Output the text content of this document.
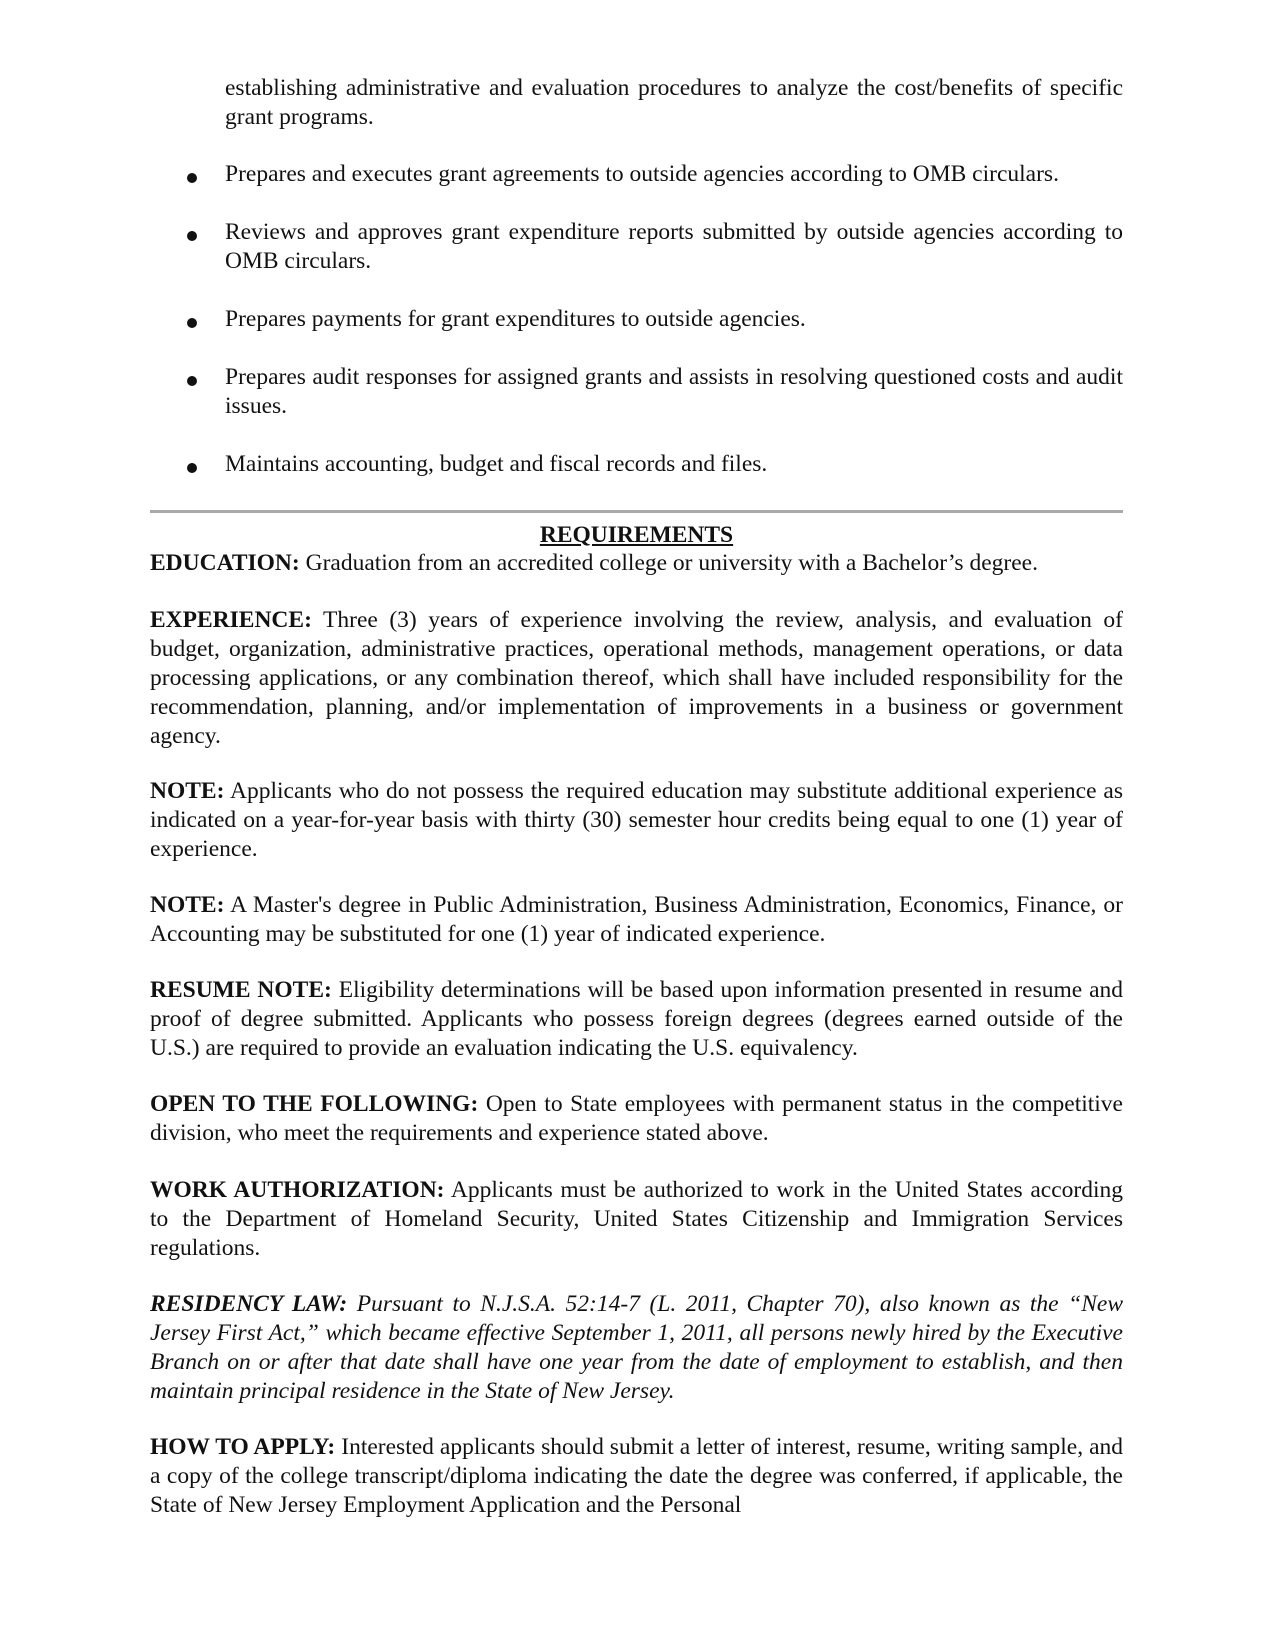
establishing administrative and evaluation procedures to analyze the cost/benefits of specific grant programs.
Prepares and executes grant agreements to outside agencies according to OMB circulars.
Reviews and approves grant expenditure reports submitted by outside agencies according to OMB circulars.
Prepares payments for grant expenditures to outside agencies.
Prepares audit responses for assigned grants and assists in resolving questioned costs and audit issues.
Maintains accounting, budget and fiscal records and files.
REQUIREMENTS
EDUCATION: Graduation from an accredited college or university with a Bachelor’s degree.
EXPERIENCE: Three (3) years of experience involving the review, analysis, and evaluation of budget, organization, administrative practices, operational methods, management operations, or data processing applications, or any combination thereof, which shall have included responsibility for the recommendation, planning, and/or implementation of improvements in a business or government agency.
NOTE: Applicants who do not possess the required education may substitute additional experience as indicated on a year-for-year basis with thirty (30) semester hour credits being equal to one (1) year of experience.
NOTE: A Master's degree in Public Administration, Business Administration, Economics, Finance, or Accounting may be substituted for one (1) year of indicated experience.
RESUME NOTE: Eligibility determinations will be based upon information presented in resume and proof of degree submitted. Applicants who possess foreign degrees (degrees earned outside of the U.S.) are required to provide an evaluation indicating the U.S. equivalency.
OPEN TO THE FOLLOWING: Open to State employees with permanent status in the competitive division, who meet the requirements and experience stated above.
WORK AUTHORIZATION: Applicants must be authorized to work in the United States according to the Department of Homeland Security, United States Citizenship and Immigration Services regulations.
RESIDENCY LAW: Pursuant to N.J.S.A. 52:14-7 (L. 2011, Chapter 70), also known as the “New Jersey First Act,” which became effective September 1, 2011, all persons newly hired by the Executive Branch on or after that date shall have one year from the date of employment to establish, and then maintain principal residence in the State of New Jersey.
HOW TO APPLY: Interested applicants should submit a letter of interest, resume, writing sample, and a copy of the college transcript/diploma indicating the date the degree was conferred, if applicable, the State of New Jersey Employment Application and the Personal
